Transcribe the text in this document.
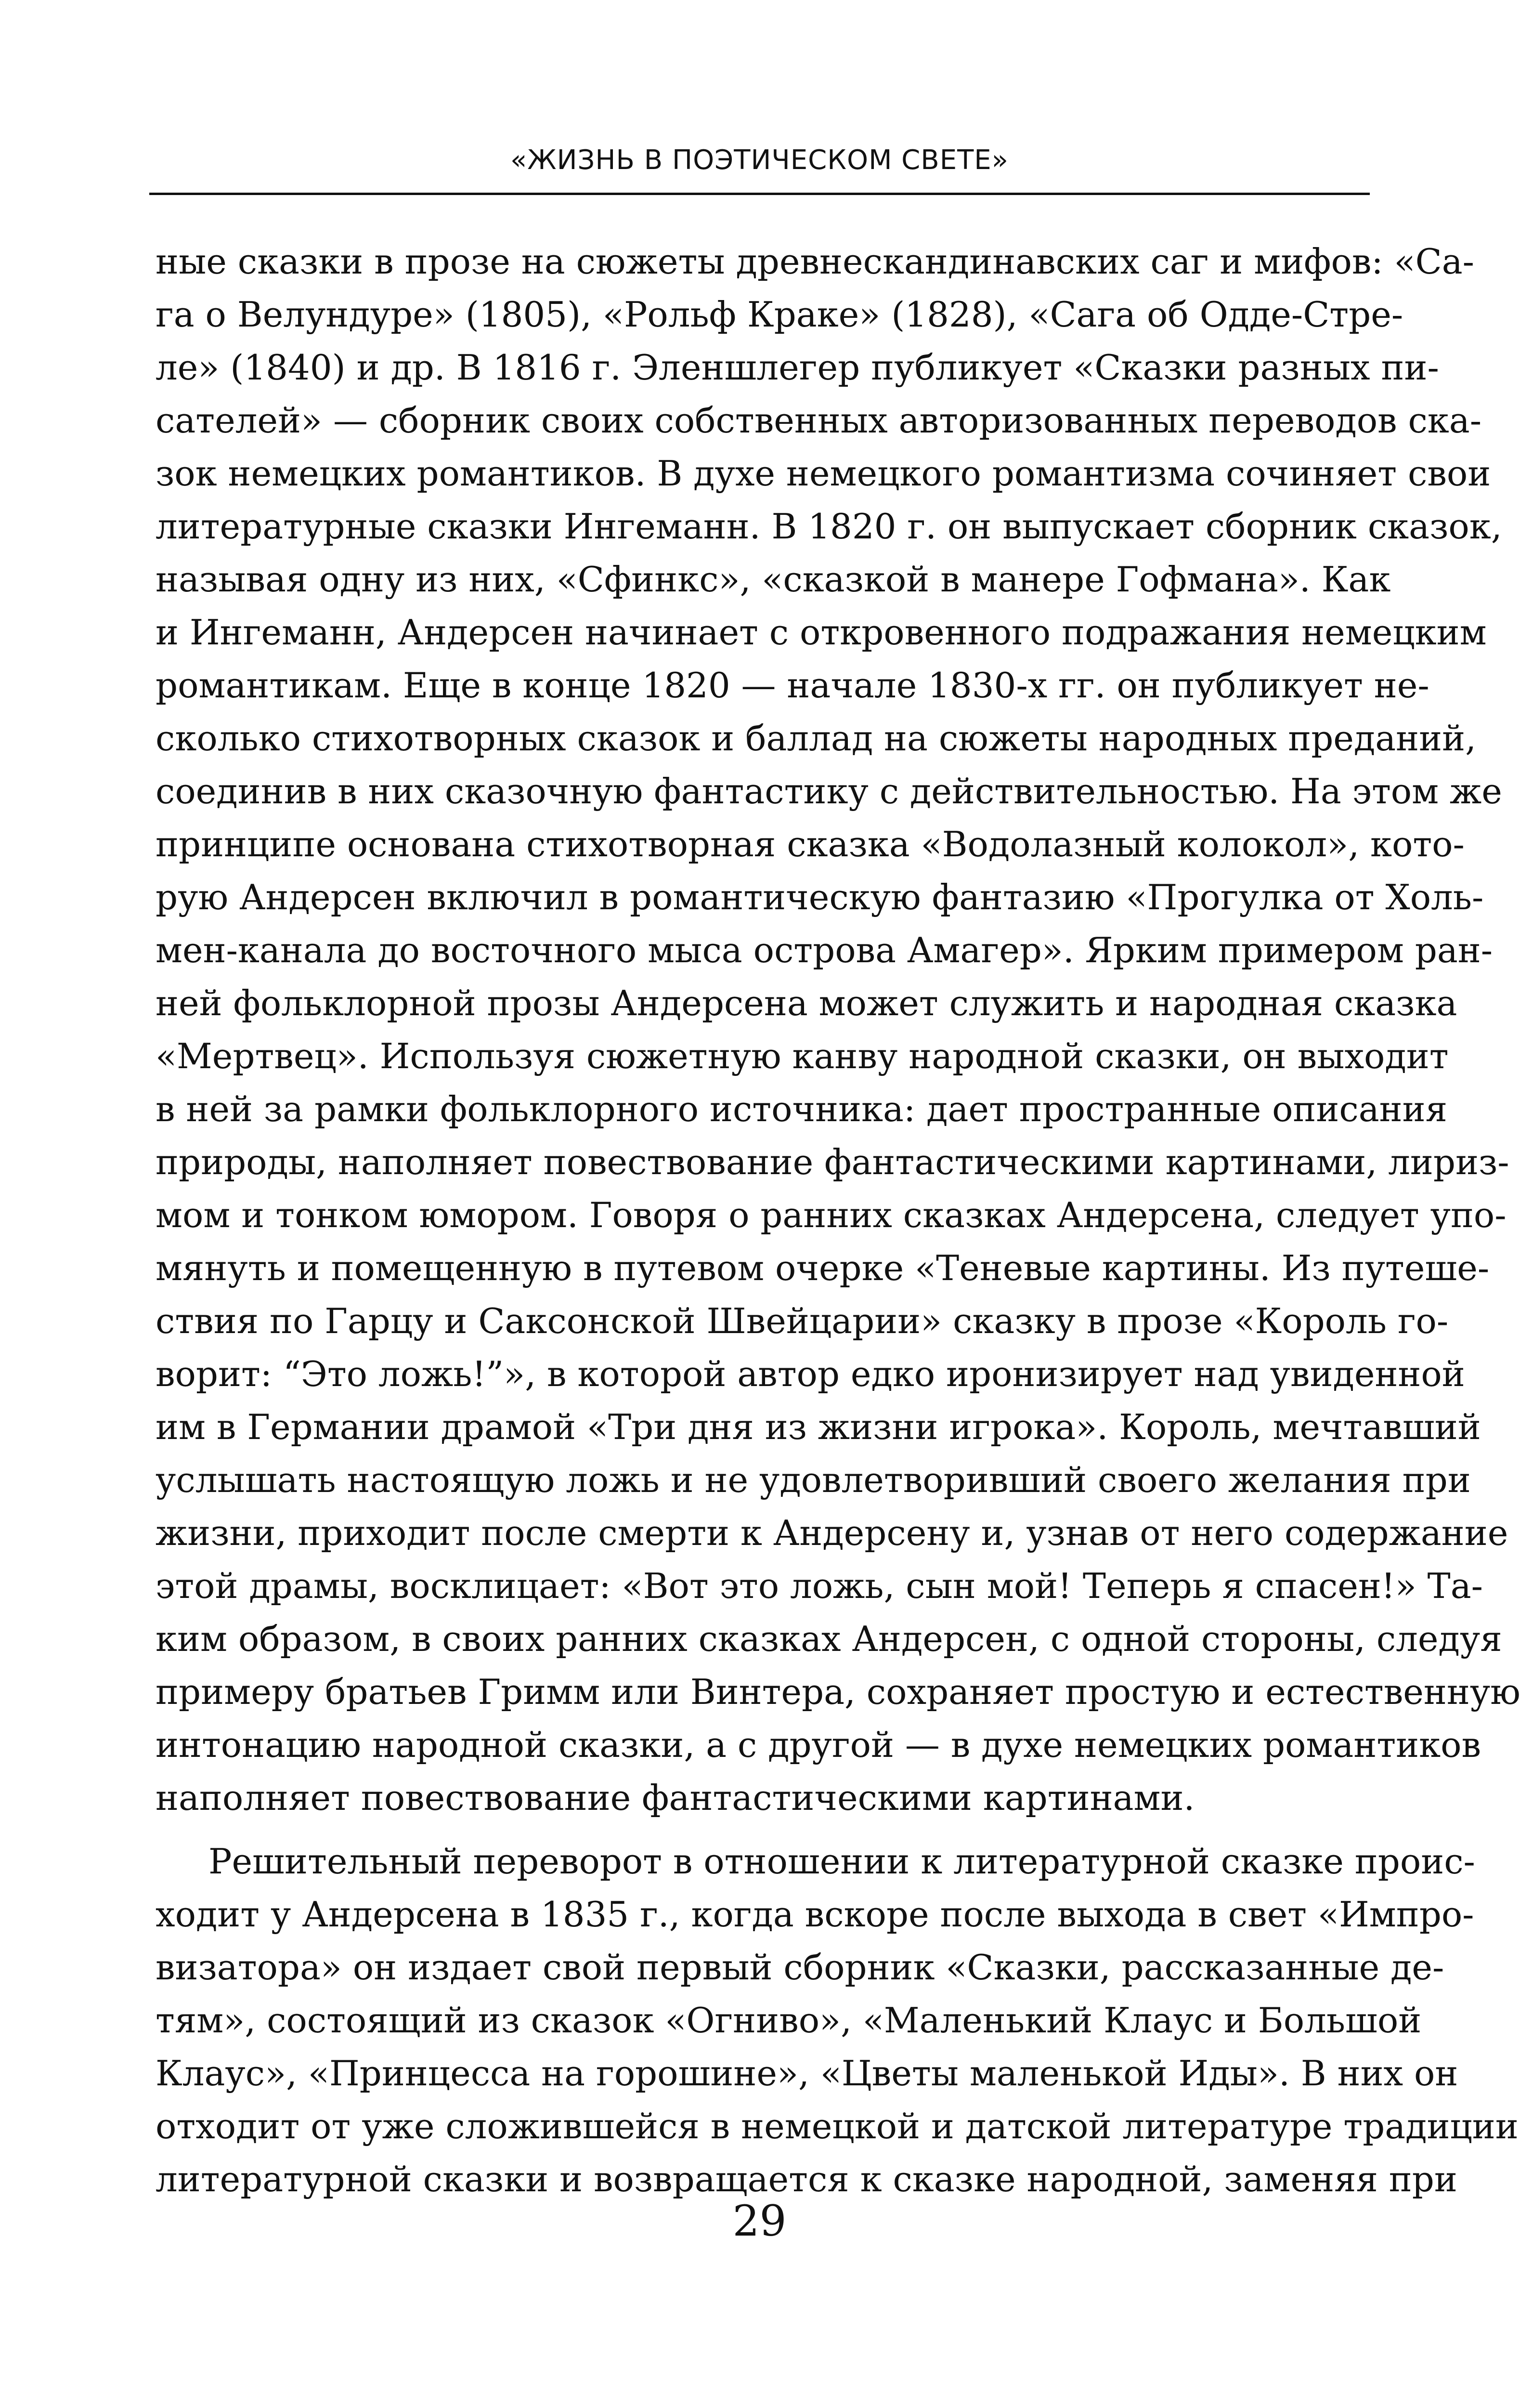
«ЖИЗНЬ В ПОЭТИЧЕСКОМ СВЕТЕ»
ные сказки в прозе на сюжеты древнескандинавских саг и мифов: «Са-
га о Велундуре» (1805), «Рольф Краке» (1828), «Сага об Одде-Стре-
ле» (1840) и др. В 1816 г. Эленшлегер публикует «Сказки разных пи-
сателей» — сборник своих собственных авторизованных переводов ска-
зок немецких романтиков. В духе немецкого романтизма сочиняет свои
литературные сказки Ингеманн. В 1820 г. он выпускает сборник сказок,
называя одну из них, «Сфинкс», «сказкой в манере Гофмана». Как
и Ингеманн, Андерсен начинает с откровенного подражания немецким
романтикам. Еще в конце 1820 — начале 1830-х гг. он публикует не-
сколько стихотворных сказок и баллад на сюжеты народных преданий,
соединив в них сказочную фантастику с действительностью. На этом же
принципе основана стихотворная сказка «Водолазный колокол», кото-
рую Андерсен включил в романтическую фантазию «Прогулка от Холь-
мен-канала до восточного мыса острова Амагер». Ярким примером ран-
ней фольклорной прозы Андерсена может служить и народная сказка
«Мертвец». Используя сюжетную канву народной сказки, он выходит
в ней за рамки фольклорного источника: дает пространные описания
природы, наполняет повествование фантастическими картинами, лириз-
мом и тонком юмором. Говоря о ранних сказках Андерсена, следует упо-
мянуть и помещенную в путевом очерке «Теневые картины. Из путеше-
ствия по Гарцу и Саксонской Швейцарии» сказку в прозе «Король го-
ворит: “Это ложь!”», в которой автор едко иронизирует над увиденной
им в Германии драмой «Три дня из жизни игрока». Король, мечтавший
услышать настоящую ложь и не удовлетворивший своего желания при
жизни, приходит после смерти к Андерсену и, узнав от него содержание
этой драмы, восклицает: «Вот это ложь, сын мой! Теперь я спасен!» Та-
ким образом, в своих ранних сказках Андерсен, с одной стороны, следуя
примеру братьев Гримм или Винтера, сохраняет простую и естественную
интонацию народной сказки, а с другой — в духе немецких романтиков
наполняет повествование фантастическими картинами.
Решительный переворот в отношении к литературной сказке проис-
ходит у Андерсена в 1835 г., когда вскоре после выхода в свет «Импро-
визатора» он издает свой первый сборник «Сказки, рассказанные де-
тям», состоящий из сказок «Огниво», «Маленький Клаус и Большой
Клаус», «Принцесса на горошине», «Цветы маленькой Иды». В них он
отходит от уже сложившейся в немецкой и датской литературе традиции
литературной сказки и возвращается к сказке народной, заменяя при
29
